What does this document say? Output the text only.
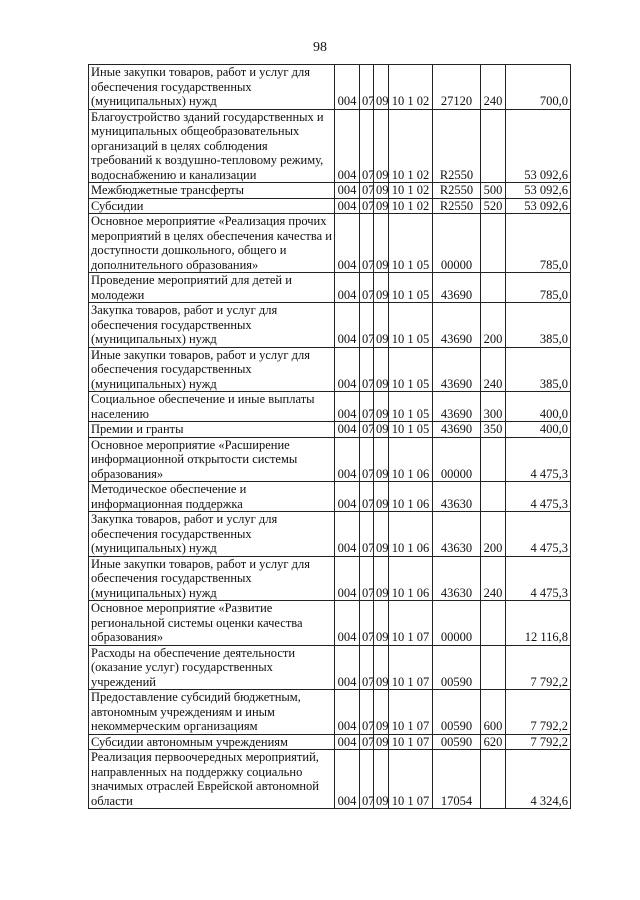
98
Иные закупки товаров, работ и услуг для обеспечения государственных (муниципальных) нужд	004	07	09	10 1 02	27120	240	700,0
Благоустройство зданий государственных и муниципальных общеобразовательных организаций в целях соблюдения требований к воздушно-тепловому режиму, водоснабжению и канализации	004	07	09	10 1 02	R2550		53 092,6
Межбюджетные трансферты	004	07	09	10 1 02	R2550	500	53 092,6
Субсидии	004	07	09	10 1 02	R2550	520	53 092,6
Основное мероприятие «Реализация прочих мероприятий в целях обеспечения качества и доступности дошкольного, общего и дополнительного образования»	004	07	09	10 1 05	00000		785,0
Проведение мероприятий для детей и молодежи	004	07	09	10 1 05	43690		785,0
Закупка товаров, работ и услуг для обеспечения государственных (муниципальных) нужд	004	07	09	10 1 05	43690	200	385,0
Иные закупки товаров, работ и услуг для обеспечения государственных (муниципальных) нужд	004	07	09	10 1 05	43690	240	385,0
Социальное обеспечение и иные выплаты населению	004	07	09	10 1 05	43690	300	400,0
Премии и гранты	004	07	09	10 1 05	43690	350	400,0
Основное мероприятие «Расширение информационной открытости системы образования»	004	07	09	10 1 06	00000		4 475,3
Методическое обеспечение и информационная поддержка	004	07	09	10 1 06	43630		4 475,3
Закупка товаров, работ и услуг для обеспечения государственных (муниципальных) нужд	004	07	09	10 1 06	43630	200	4 475,3
Иные закупки товаров, работ и услуг для обеспечения государственных (муниципальных) нужд	004	07	09	10 1 06	43630	240	4 475,3
Основное мероприятие «Развитие региональной системы оценки качества образования»	004	07	09	10 1 07	00000		12 116,8
Расходы на обеспечение деятельности (оказание услуг) государственных учреждений	004	07	09	10 1 07	00590		7 792,2
Предоставление субсидий бюджетным, автономным учреждениям и иным некоммерческим организациям	004	07	09	10 1 07	00590	600	7 792,2
Субсидии автономным учреждениям	004	07	09	10 1 07	00590	620	7 792,2
Реализация первоочередных мероприятий, направленных на поддержку социально значимых отраслей Еврейской автономной области	004	07	09	10 1 07	17054		4 324,6
